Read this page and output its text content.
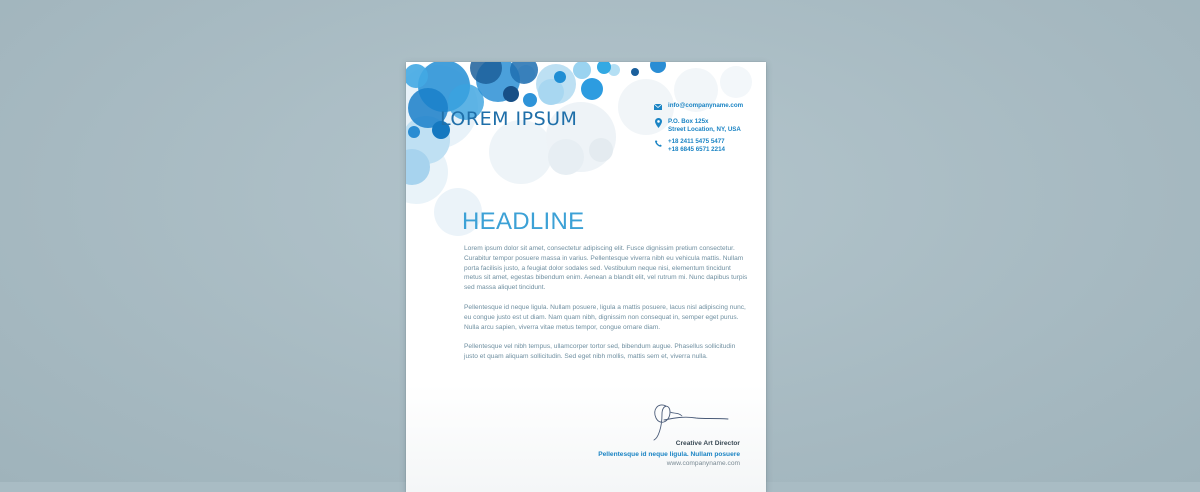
LOREM IPSUM
info@companyname.com
P.O. Box 125x
Street Location, NY, USA
+18 2411 5475 5477
+18 6845 6571 2214
HEADLINE

Lorem ipsum dolor sit amet, consectetur adipiscing elit. Fusce dignissim pretium consectetur. Curabitur tempor posuere massa in varius. Pellentesque viverra nibh eu vehicula mattis. Nullam porta facilisis justo, a feugiat dolor sodales sed. Vestibulum neque nisi, elementum tincidunt metus sit amet, egestas bibendum enim. Aenean a blandit elit, vel rutrum mi. Nunc dapibus turpis sed massa aliquet tincidunt.

Pellentesque id neque ligula. Nullam posuere, ligula a mattis posuere, lacus nisl adipiscing nunc, eu congue justo est ut diam. Nam quam nibh, dignissim non consequat in, semper eget purus. Nulla arcu sapien, viverra vitae metus tempor, congue ornare diam.

Pellentesque vel nibh tempus, ullamcorper tortor sed, bibendum augue. Phasellus sollicitudin justo et quam aliquam sollicitudin. Sed eget nibh mollis, mattis sem et, viverra nulla.

Creative Art Director
Pellentesque id neque ligula. Nullam posuere
www.companyname.com
